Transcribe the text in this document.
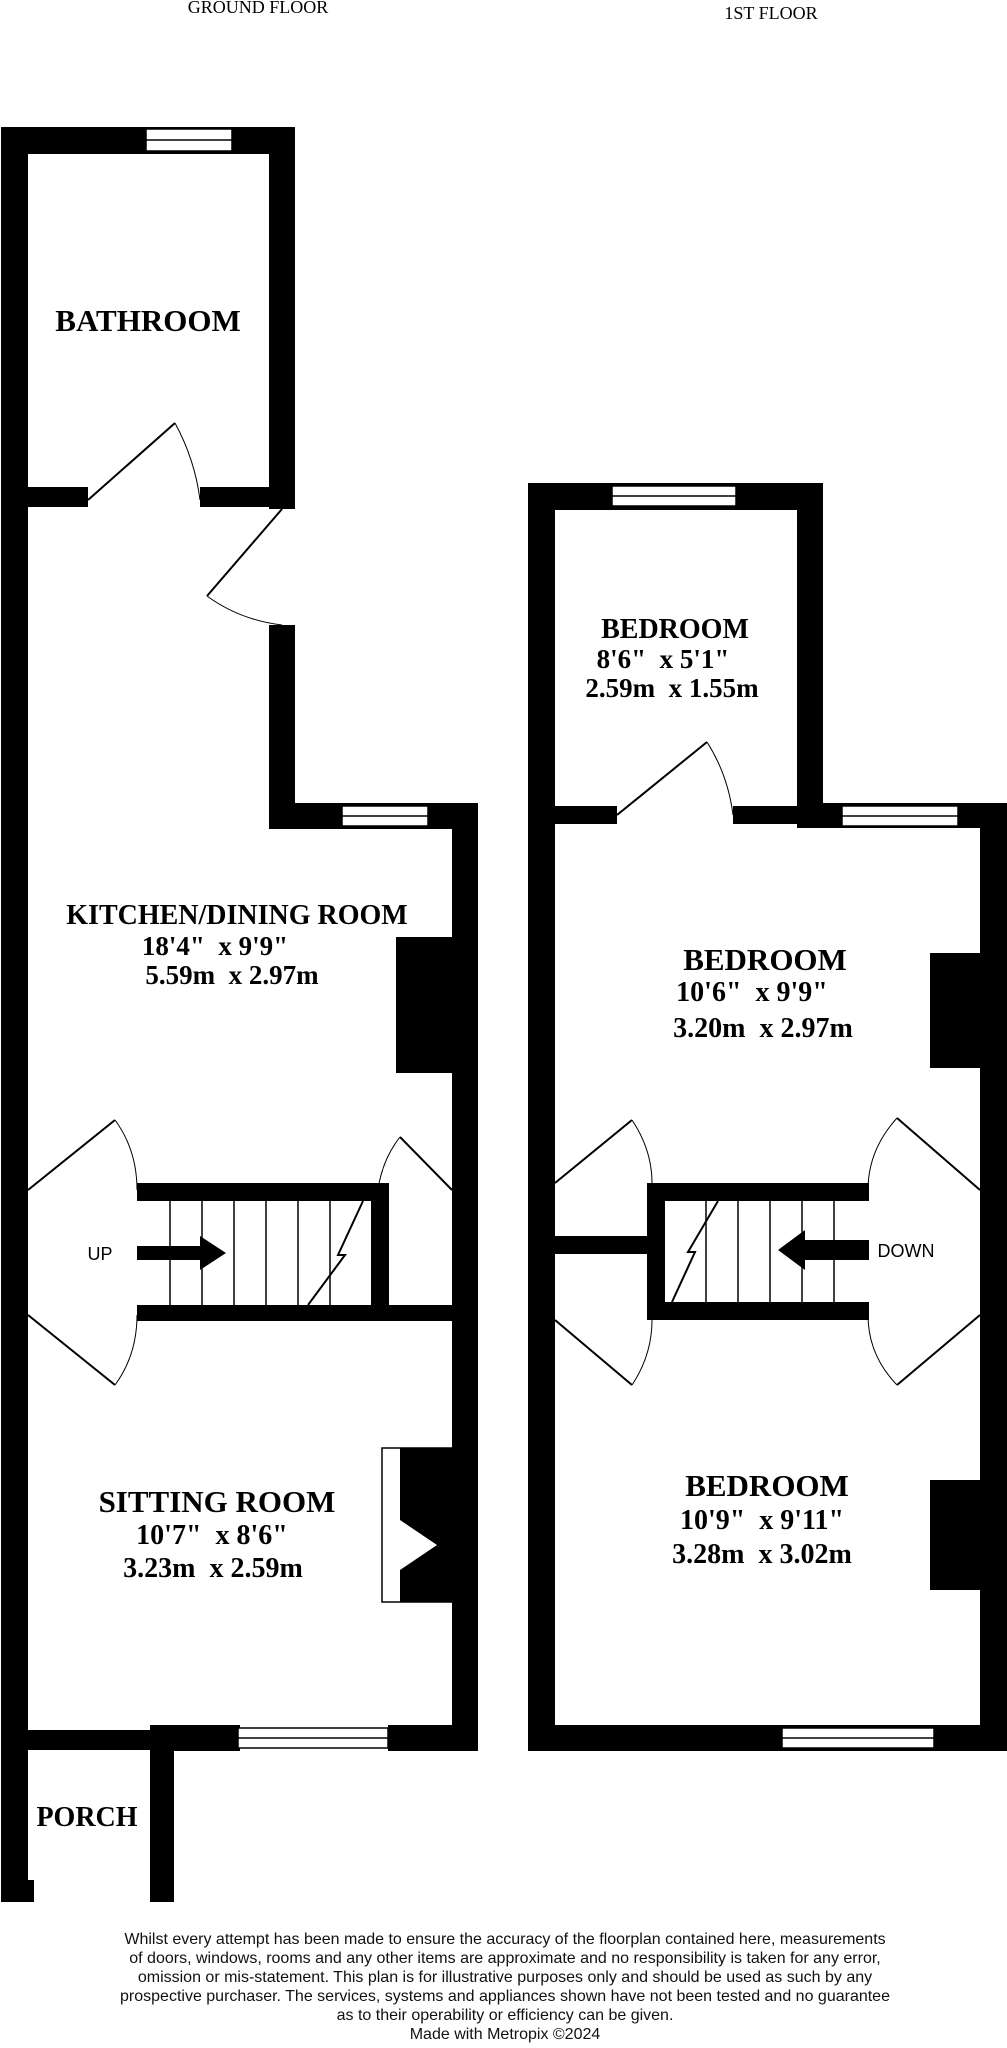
GROUND FLOOR	1ST FLOOR
BATHROOM
KITCHEN/DINING ROOM
18'4"  x 9'9"
5.59m  x 2.97m
UP
SITTING ROOM
10'7"  x 8'6"
3.23m  x 2.59m
PORCH
BEDROOM
8'6"  x 5'1"
2.59m  x 1.55m
BEDROOM
10'6"  x 9'9"
3.20m  x 2.97m
DOWN
BEDROOM
10'9"  x 9'11"
3.28m  x 3.02m
Whilst every attempt has been made to ensure the accuracy of the floorplan contained here, measurements
of doors, windows, rooms and any other items are approximate and no responsibility is taken for any error,
omission or mis-statement. This plan is for illustrative purposes only and should be used as such by any
prospective purchaser. The services, systems and appliances shown have not been tested and no guarantee
as to their operability or efficiency can be given.
Made with Metropix ©2024
